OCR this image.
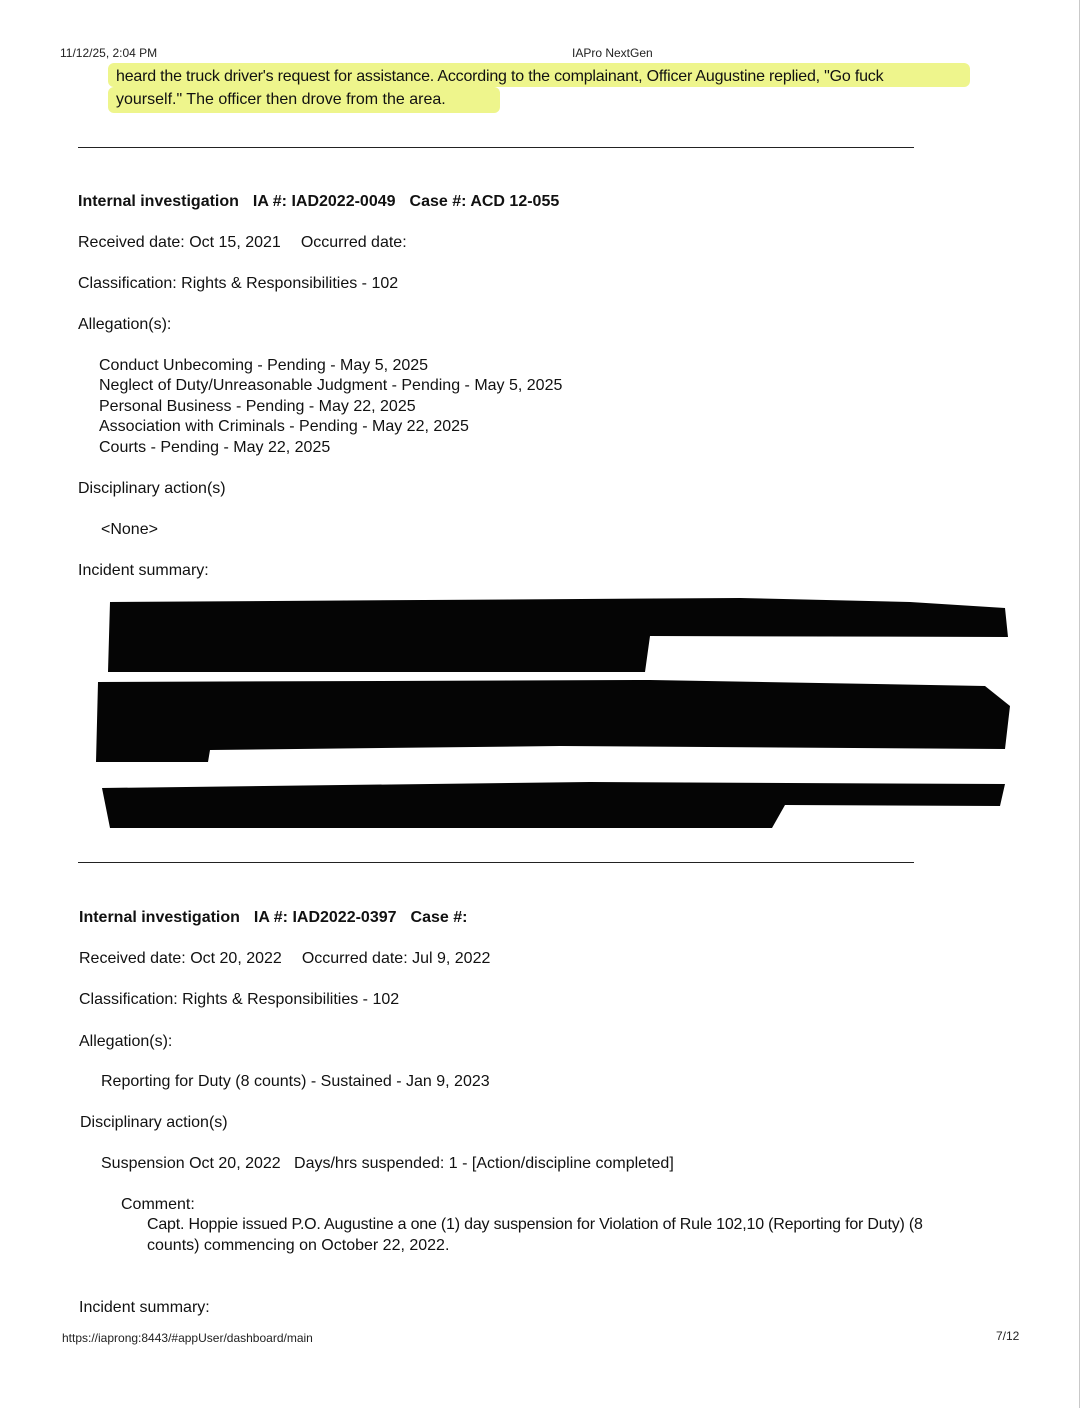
11/12/25, 2:04 PM	IAPro NextGen
heard the truck driver's request for assistance. According to the complainant, Officer Augustine replied, "Go fuck
yourself." The officer then drove from the area.
Internal investigation IA #: IAD2022-0049 Case #: ACD 12-055
Received date: Oct 15, 2021 Occurred date:
Classification: Rights & Responsibilities - 102
Allegation(s):
Conduct Unbecoming - Pending - May 5, 2025
Neglect of Duty/Unreasonable Judgment - Pending - May 5, 2025
Personal Business - Pending - May 22, 2025
Association with Criminals - Pending - May 22, 2025
Courts - Pending - May 22, 2025
Disciplinary action(s)
<None>
Incident summary:
Internal investigation IA #: IAD2022-0397 Case #:
Received date: Oct 20, 2022 Occurred date: Jul 9, 2022
Classification: Rights & Responsibilities - 102
Allegation(s):
Reporting for Duty (8 counts) - Sustained - Jan 9, 2023
Disciplinary action(s)
Suspension Oct 20, 2022   Days/hrs suspended: 1 - [Action/discipline completed]
Comment:
Capt. Hoppie issued P.O. Augustine a one (1) day suspension for Violation of Rule 102,10 (Reporting for Duty) (8
counts) commencing on October 22, 2022.
Incident summary:
https://iaprong:8443/#appUser/dashboard/main	7/12
